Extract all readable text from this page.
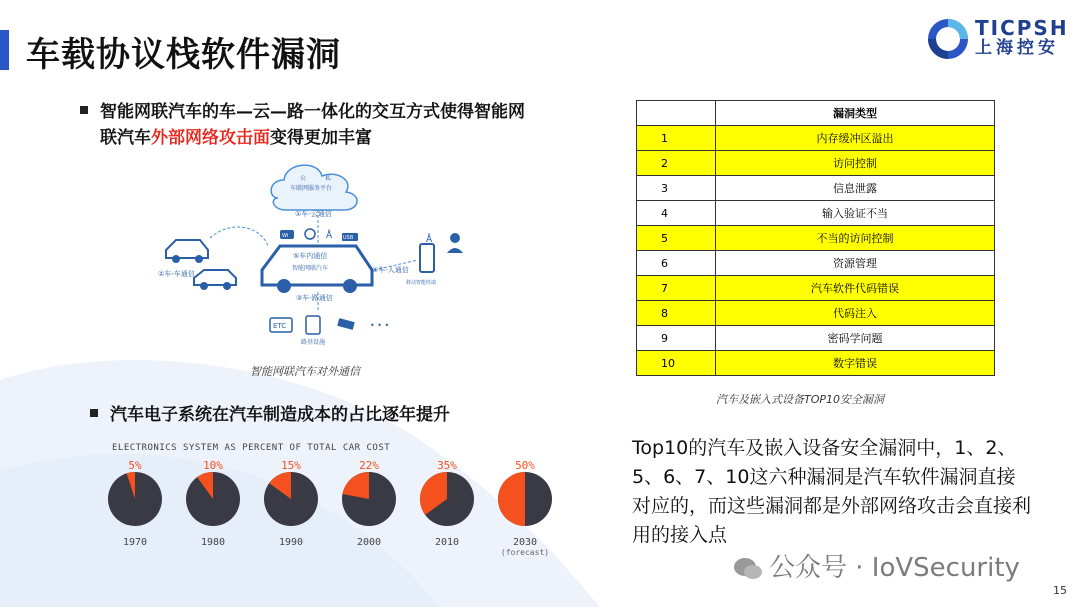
车载协议栈软件漏洞
TICPSH
上海控安
智能网联汽车的车—云—路一体化的交互方式使得智能网
联汽车外部网络攻击面变得更加丰富
公	私
车联网服务平台
①车-云通信
⑤车内通信
智能网联汽车
Wi	Å USB
②车-车通信
Å
④车-人通信
移动智能终端
③车-路通信
ETC	• • •
路基设施
智能网联汽车对外通信
汽车电子系统在汽车制造成本的占比逐年提升
ELECTRONICS SYSTEM AS PERCENT OF TOTAL CAR COST
5%
1970
10%
1980
15%
1990
22%
2000
35%
2010
50%
2030
(forecast)
	漏洞类型
1	内存缓冲区溢出
2	访问控制
3	信息泄露
4	输入验证不当
5	不当的访问控制
6	资源管理
7	汽车软件代码错误
8	代码注入
9	密码学问题
10	数字错误
汽车及嵌入式设备TOP10安全漏洞
Top10的汽车及嵌入设备安全漏洞中，1、2、5、6、7、10这六种漏洞是汽车软件漏洞直接对应的，而这些漏洞都是外部网络攻击会直接利用的接入点
公众号 · IoVSecurity
15
